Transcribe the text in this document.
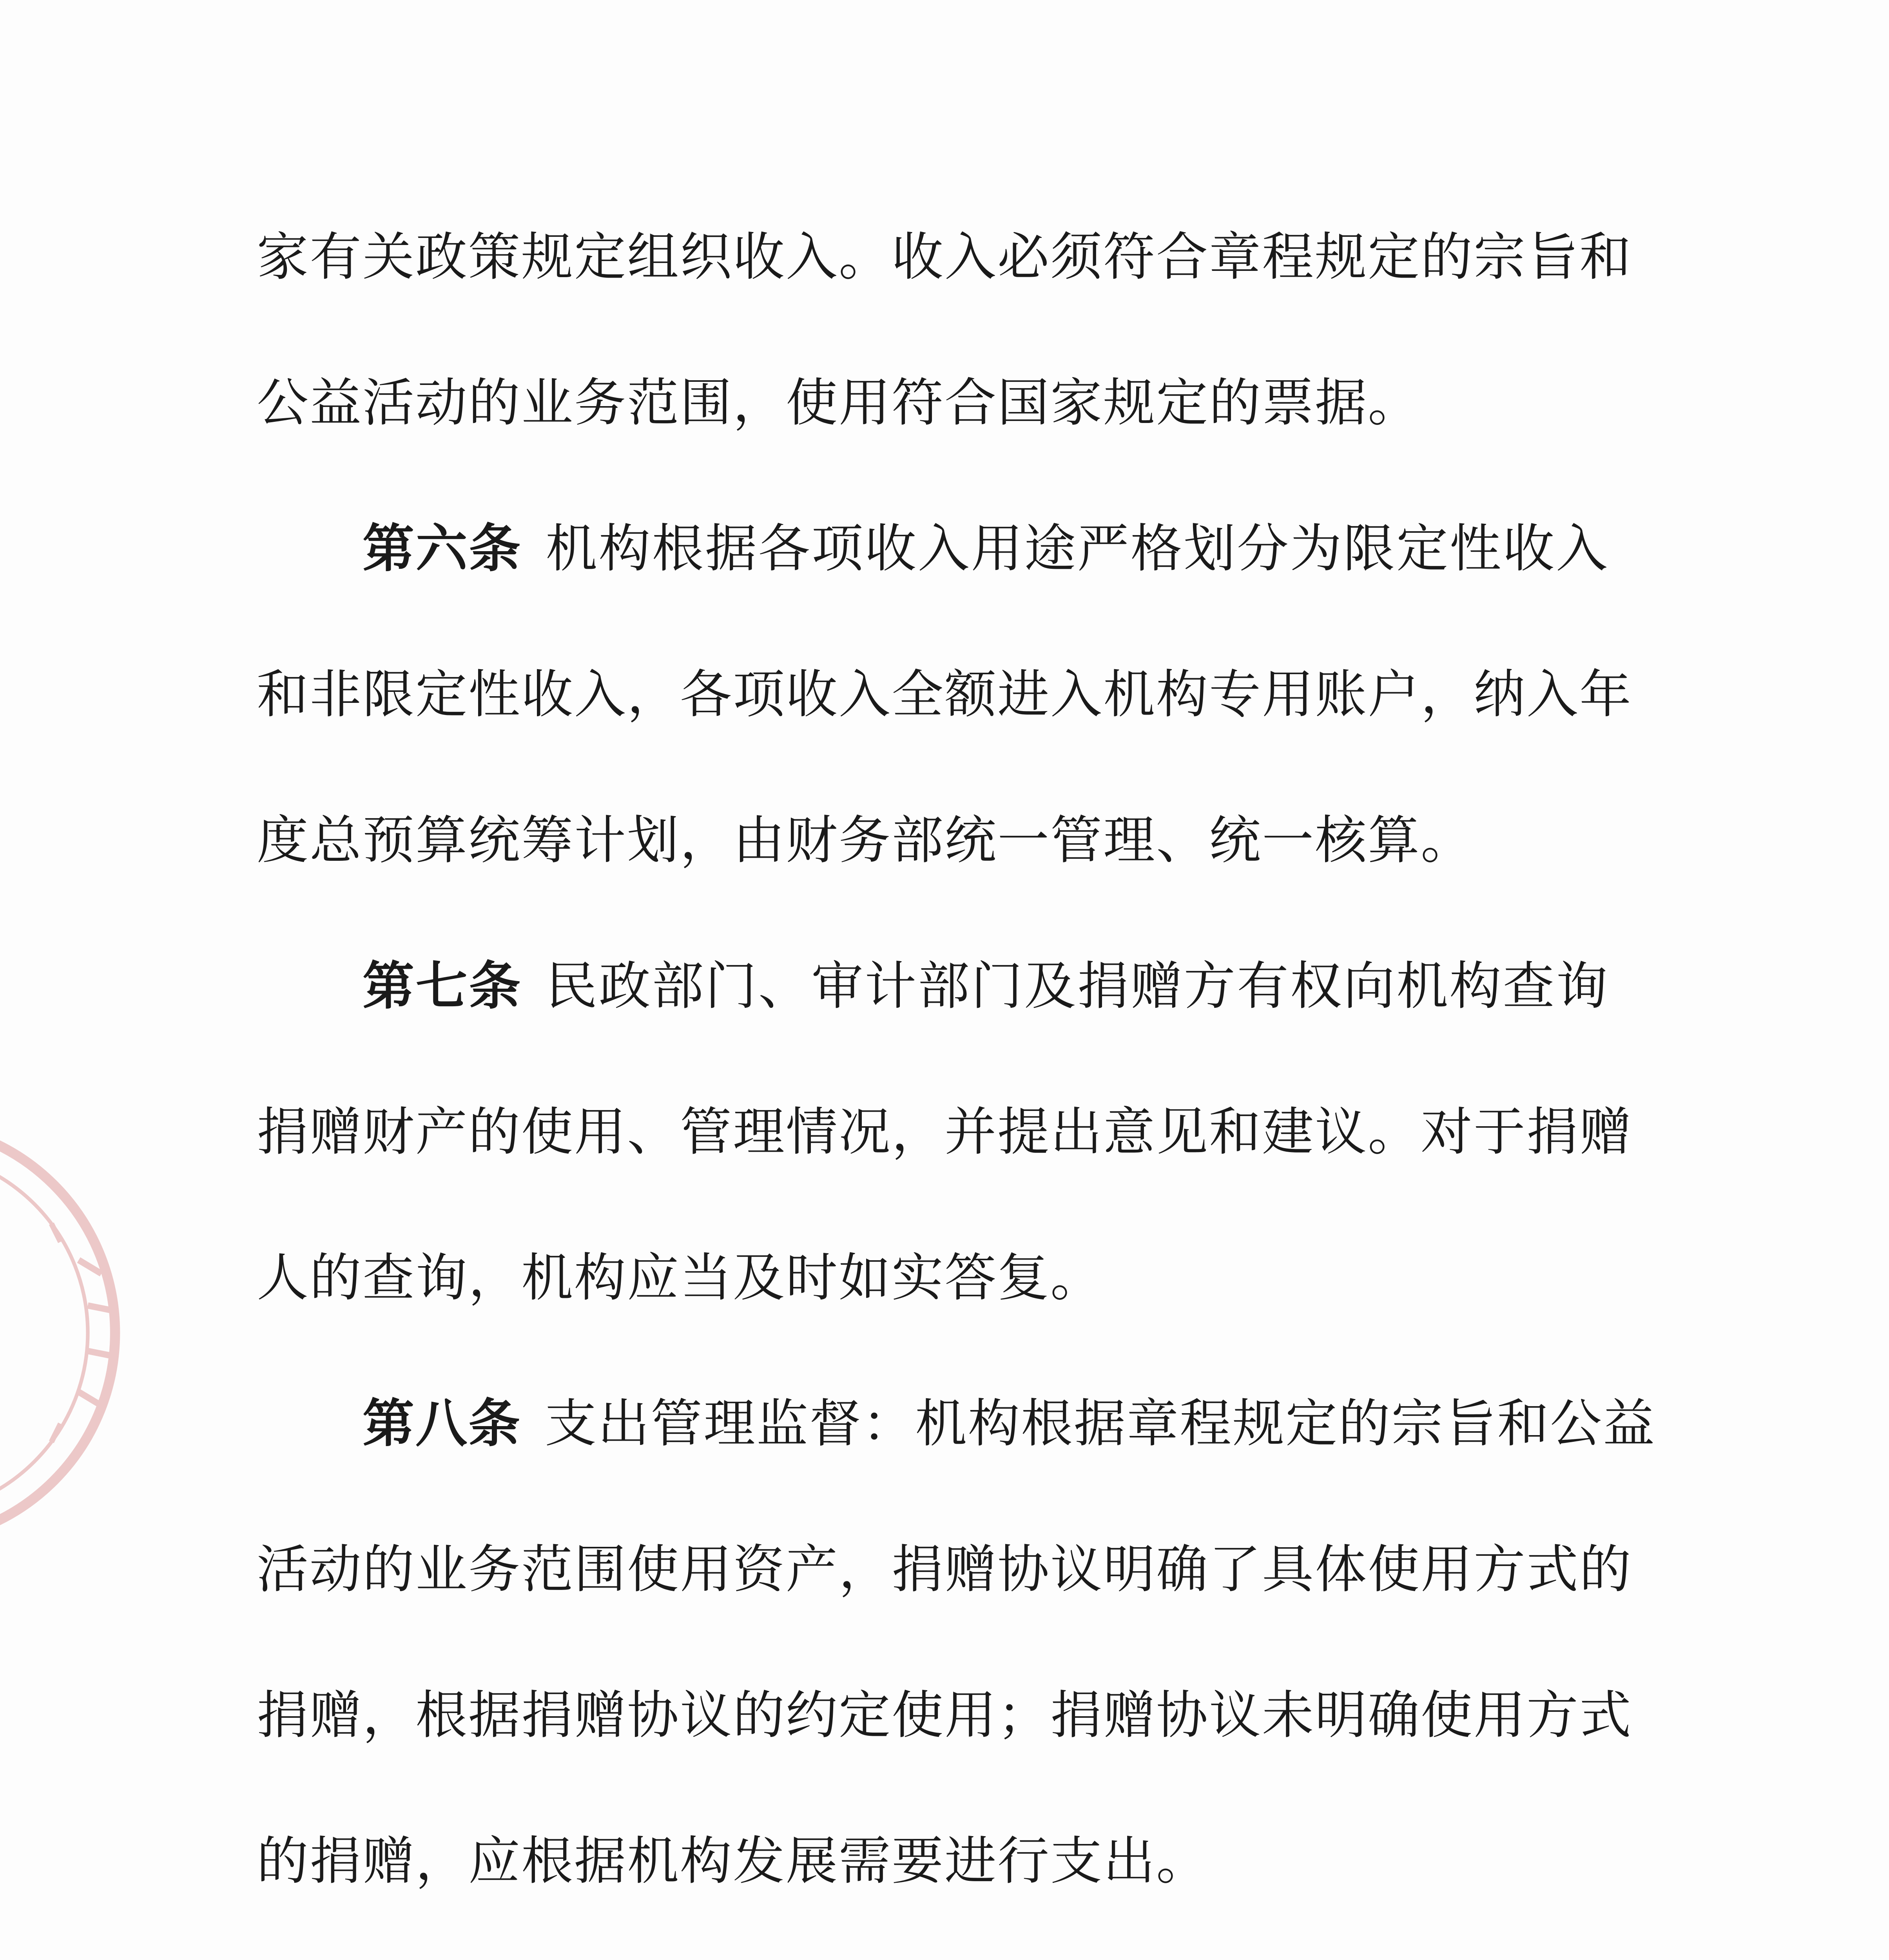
家有关政策规定组织收入。收入必须符合章程规定的宗旨和
公益活动的业务范围，使用符合国家规定的票据。
第六条 机构根据各项收入用途严格划分为限定性收入
和非限定性收入，各项收入全额进入机构专用账户，纳入年
度总预算统筹计划，由财务部统一管理、统一核算。
第七条 民政部门、审计部门及捐赠方有权向机构查询
捐赠财产的使用、管理情况，并提出意见和建议。对于捐赠
人的查询，机构应当及时如实答复。
第八条 支出管理监督：机构根据章程规定的宗旨和公益
活动的业务范围使用资产，捐赠协议明确了具体使用方式的
捐赠，根据捐赠协议的约定使用；捐赠协议未明确使用方式
的捐赠，应根据机构发展需要进行支出。
